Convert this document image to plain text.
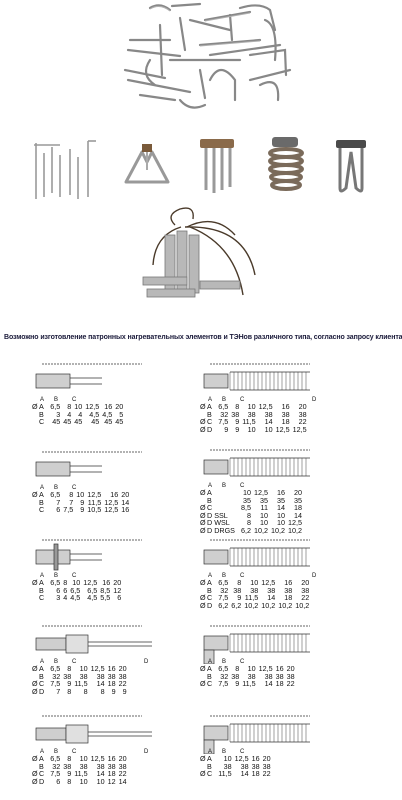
Возможно изготовление патронных нагревательных элементов и ТЭНов различного типа, согласно запросу клиента
A B C
ØA	6,5	8	10	12,5	16	20
B	3	4	4	4,5	4,5	5
C	45	45	45	45	45	45
A B C
ØA	6,5	8	10	12,5	16	20
B	7	7	9	11,5	12,5	14
C	6	7,5	9	10,5	12,5	16
A B C
ØA	6,5	8	10	12,5	16	20
B	6	6	6,5	6,5	8,5	12
C	3	4	4,5	4,5	5,5	6
A B C	D
ØA	6,5	8	10	12,5	16	20
B	32	38	38	38	38	38
ØC	7,5	9	11,5	14	18	22
ØD	7	8	8	8	9	9
A B C	D
ØA	6,5	8	10	12,5	16	20
B	32	38	38	38	38	38
ØC	7,5	9	11,5	14	18	22
ØD	6	8	10	10	12	14
A B C	D
ØA	6,5	8	10	12,5	16	20
B	32	38	38	38	38	38
ØC	7,5	9	11,5	14	18	22
ØD	9	9	10	10	12,5	12,5
A B C
ØA	10	12,5	16	20
B	35	35	35	35
ØC	8,5	11	14	18
ØD SSL	8	10	10	14
ØD WSL	8	10	10	12,5
ØD DRGS	6,2	10,2	10,2	10,2
A B C	D
ØA	6,5	8	10	12,5	16	20
B	32	38	38	38	38	38
ØC	7,5	9	11,5	14	18	22
ØD	6,2	6,2	10,2	10,2	10,2	10,2
A B C
ØA	6,5	8	10	12,5	16	20
B	32	38	38	38	38	38
ØC	7,5	9	11,5	14	18	22
A B C
ØA	10	12,5	16	20
B	38	38	38	38
ØC	11,5	14	18	22
